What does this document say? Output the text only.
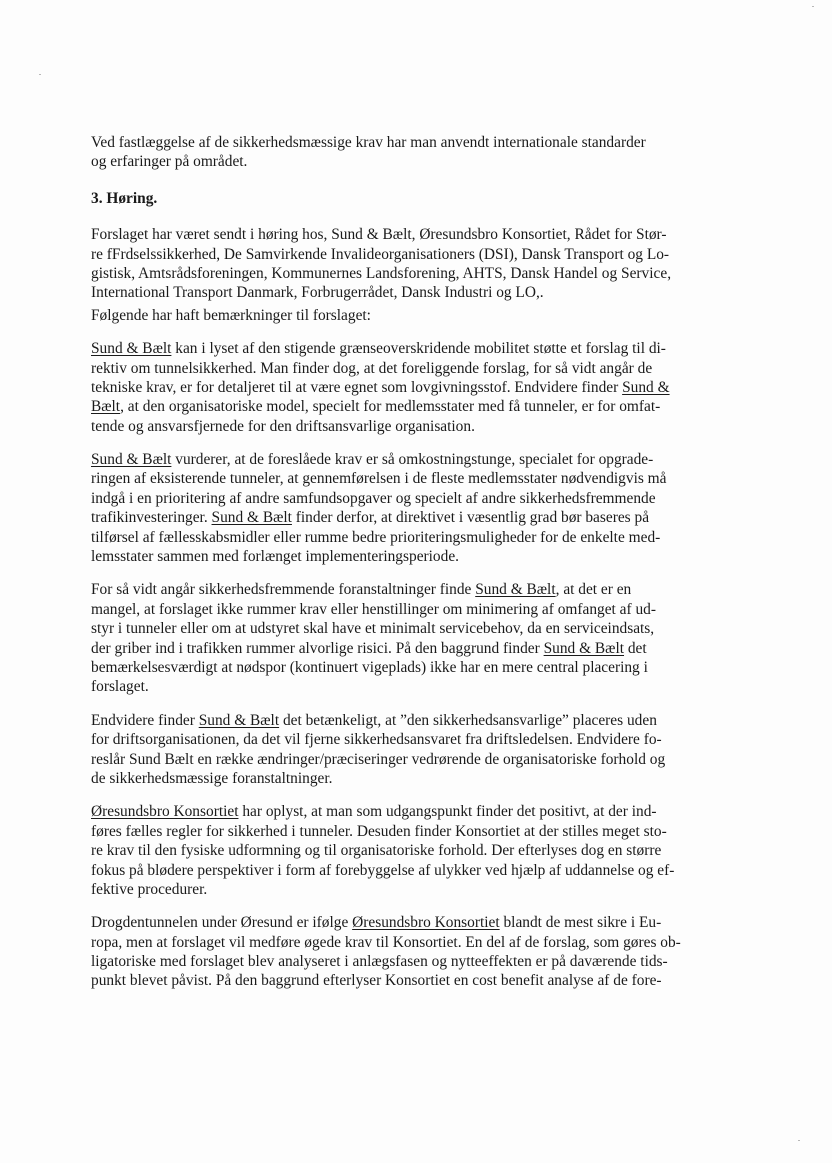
Ved fastlæggelse af de sikkerhedsmæssige krav har man anvendt internationale standarder
og erfaringer på området.
3. Høring.
Forslaget har været sendt i høring hos, Sund & Bælt, Øresundsbro Konsortiet, Rådet for Stør-
re fFrdselssikkerhed, De Samvirkende Invalideorganisationers (DSI), Dansk Transport og Lo-
gistisk, Amtsrådsforeningen, Kommunernes Landsforening, AHTS, Dansk Handel og Service,
International Transport Danmark, Forbrugerrådet, Dansk Industri og LO,.
Følgende har haft bemærkninger til forslaget:
Sund & Bælt kan i lyset af den stigende grænseoverskridende mobilitet støtte et forslag til di-
rektiv om tunnelsikkerhed. Man finder dog, at det foreliggende forslag, for så vidt angår de
tekniske krav, er for detaljeret til at være egnet som lovgivningsstof. Endvidere finder Sund &
Bælt, at den organisatoriske model, specielt for medlemsstater med få tunneler, er for omfat-
tende og ansvarsfjernede for den driftsansvarlige organisation.
Sund & Bælt vurderer, at de foreslåede krav er så omkostningstunge, specialet for opgrade-
ringen af eksisterende tunneler, at gennemførelsen i de fleste medlemsstater nødvendigvis må
indgå i en prioritering af andre samfundsopgaver og specielt af andre sikkerhedsfremmende
trafikinvesteringer. Sund & Bælt finder derfor, at direktivet i væsentlig grad bør baseres på
tilførsel af fællesskabsmidler eller rumme bedre prioriteringsmuligheder for de enkelte med-
lemsstater sammen med forlænget implementeringsperiode.
For så vidt angår sikkerhedsfremmende foranstaltninger finde Sund & Bælt, at det er en
mangel, at forslaget ikke rummer krav eller henstillinger om minimering af omfanget af ud-
styr i tunneler eller om at udstyret skal have et minimalt servicebehov, da en serviceindsats,
der griber ind i trafikken rummer alvorlige risici. På den baggrund finder Sund & Bælt det
bemærkelsesværdigt at nødspor (kontinuert vigeplads) ikke har en mere central placering i
forslaget.
Endvidere finder Sund & Bælt det betænkeligt, at ”den sikkerhedsansvarlige” placeres uden
for driftsorganisationen, da det vil fjerne sikkerhedsansvaret fra driftsledelsen. Endvidere fo-
reslår Sund Bælt en række ændringer/præciseringer vedrørende de organisatoriske forhold og
de sikkerhedsmæssige foranstaltninger.
Øresundsbro Konsortiet har oplyst, at man som udgangspunkt finder det positivt, at der ind-
føres fælles regler for sikkerhed i tunneler. Desuden finder Konsortiet at der stilles meget sto-
re krav til den fysiske udformning og til organisatoriske forhold. Der efterlyses dog en større
fokus på blødere perspektiver i form af forebyggelse af ulykker ved hjælp af uddannelse og ef-
fektive procedurer.
Drogdentunnelen under Øresund er ifølge Øresundsbro Konsortiet blandt de mest sikre i Eu-
ropa, men at forslaget vil medføre øgede krav til Konsortiet. En del af de forslag, som gøres ob-
ligatoriske med forslaget blev analyseret i anlægsfasen og nytteeffekten er på daværende tids-
punkt blevet påvist. På den baggrund efterlyser Konsortiet en cost benefit analyse af de fore-
